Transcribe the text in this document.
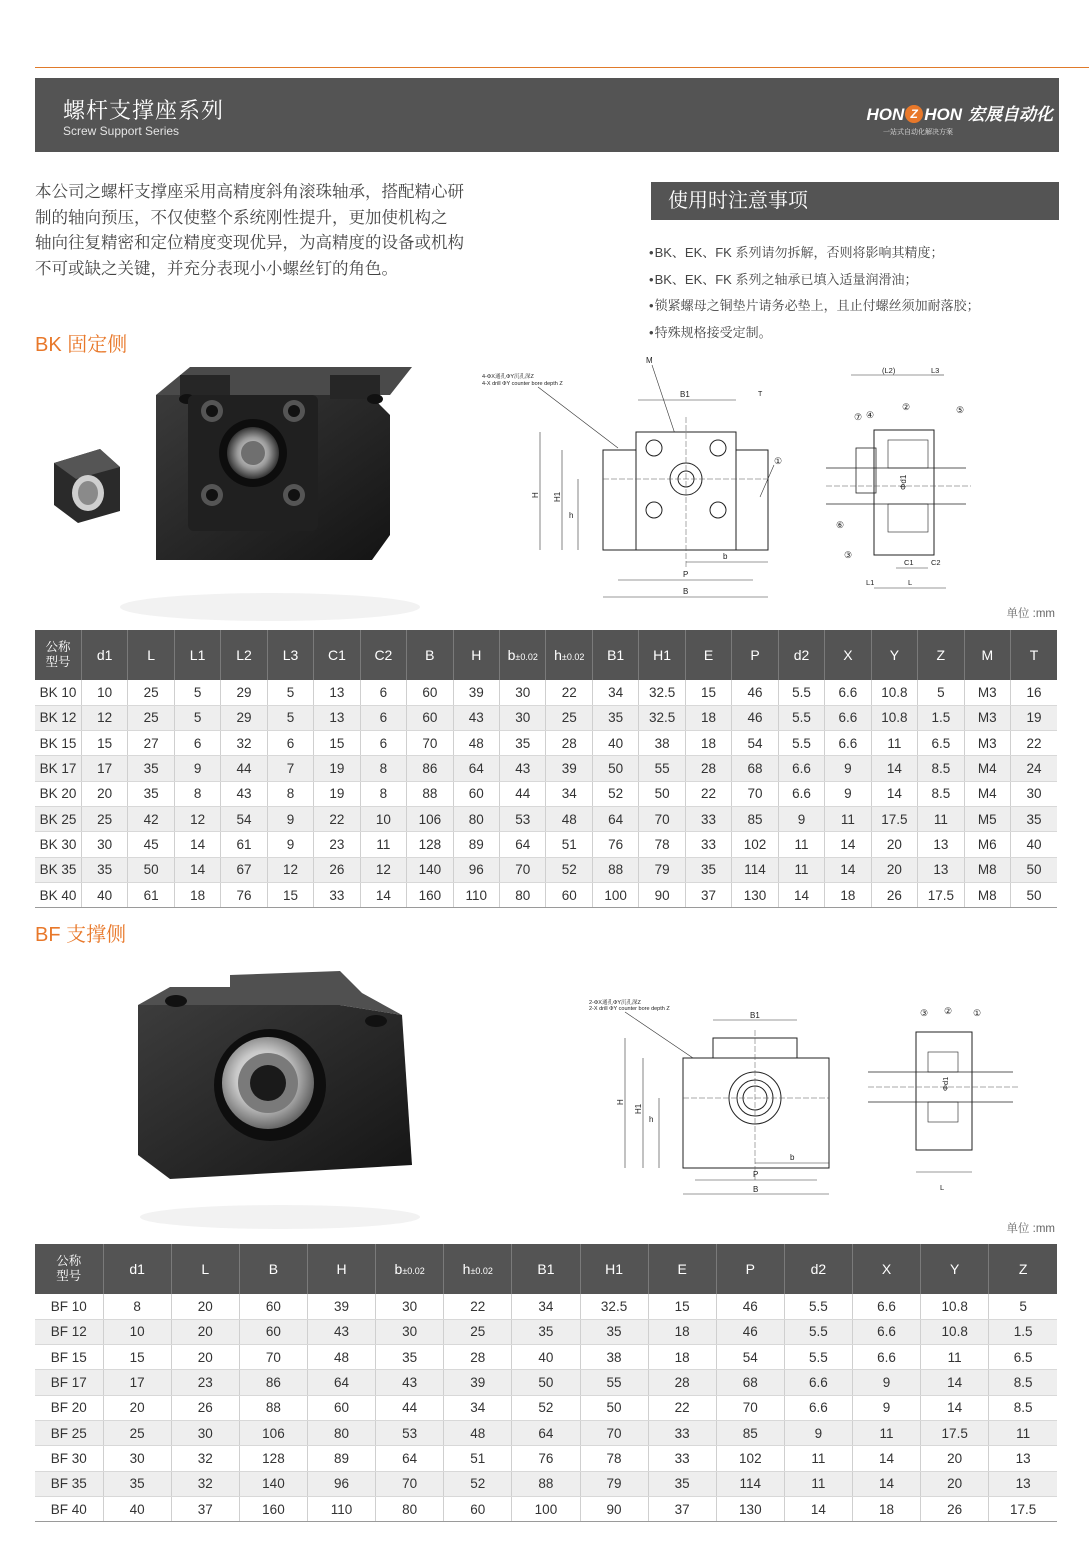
螺杆支撑座系列
Screw Support Series
HON Z HON 宏展自动化
一站式自动化解决方案
本公司之螺杆支撑座采用高精度斜角滚珠轴承，搭配精心研
制的轴向预压，不仅使整个系统刚性提升，更加使机构之
轴向往复精密和定位精度变现优异，为高精度的设备或机构
不可或缺之关键，并充分表现小小螺丝钉的角色。
使用时注意事项
• BK、EK、FK 系列请勿拆解，否则将影响其精度；
• BK、EK、FK 系列之轴承已填入适量润滑油；
• 锁紧螺母之铜垫片请务必垫上，且止付螺丝须加耐落胶；
• 特殊规格接受定制。
BK 固定侧
4-ΦX通孔ΦY沉孔深Z
4-X drill ΦY counter bore depth Z
M
B1	T
H H1
h
b
P
B
①
(L2)	L3
Φd1
②	⑤
⑦ ④
⑥
③
C1 C2
L1	L
单位 :mm
公称
型号	d1	L	L1	L2	L3	C1	C2	B	H	b±0.02	h±0.02	B1	H1	E	P	d2	X	Y	Z	M	T
BK 10	10	25	5	29	5	13	6	60	39	30	22	34	32.5	15	46	5.5	6.6	10.8	5	M3	16
BK 12	12	25	5	29	5	13	6	60	43	30	25	35	32.5	18	46	5.5	6.6	10.8	1.5	M3	19
BK 15	15	27	6	32	6	15	6	70	48	35	28	40	38	18	54	5.5	6.6	11	6.5	M3	22
BK 17	17	35	9	44	7	19	8	86	64	43	39	50	55	28	68	6.6	9	14	8.5	M4	24
BK 20	20	35	8	43	8	19	8	88	60	44	34	52	50	22	70	6.6	9	14	8.5	M4	30
BK 25	25	42	12	54	9	22	10	106	80	53	48	64	70	33	85	9	11	17.5	11	M5	35
BK 30	30	45	14	61	9	23	11	128	89	64	51	76	78	33	102	11	14	20	13	M6	40
BK 35	35	50	14	67	12	26	12	140	96	70	52	88	79	35	114	11	14	20	13	M8	50
BK 40	40	61	18	76	15	33	14	160	110	80	60	100	90	37	130	14	18	26	17.5	M8	50
BF 支撑侧
2-ΦX通孔ΦY沉孔深Z
2-X drill ΦY counter bore depth Z
B1
H
H1
h
b
P
B
③ ② ①
Φd1
L
单位 :mm
公称
型号	d1	L	B	H	b±0.02	h±0.02	B1	H1	E	P	d2	X	Y	Z
BF 10	8	20	60	39	30	22	34	32.5	15	46	5.5	6.6	10.8	5
BF 12	10	20	60	43	30	25	35	35	18	46	5.5	6.6	10.8	1.5
BF 15	15	20	70	48	35	28	40	38	18	54	5.5	6.6	11	6.5
BF 17	17	23	86	64	43	39	50	55	28	68	6.6	9	14	8.5
BF 20	20	26	88	60	44	34	52	50	22	70	6.6	9	14	8.5
BF 25	25	30	106	80	53	48	64	70	33	85	9	11	17.5	11
BF 30	30	32	128	89	64	51	76	78	33	102	11	14	20	13
BF 35	35	32	140	96	70	52	88	79	35	114	11	14	20	13
BF 40	40	37	160	110	80	60	100	90	37	130	14	18	26	17.5
